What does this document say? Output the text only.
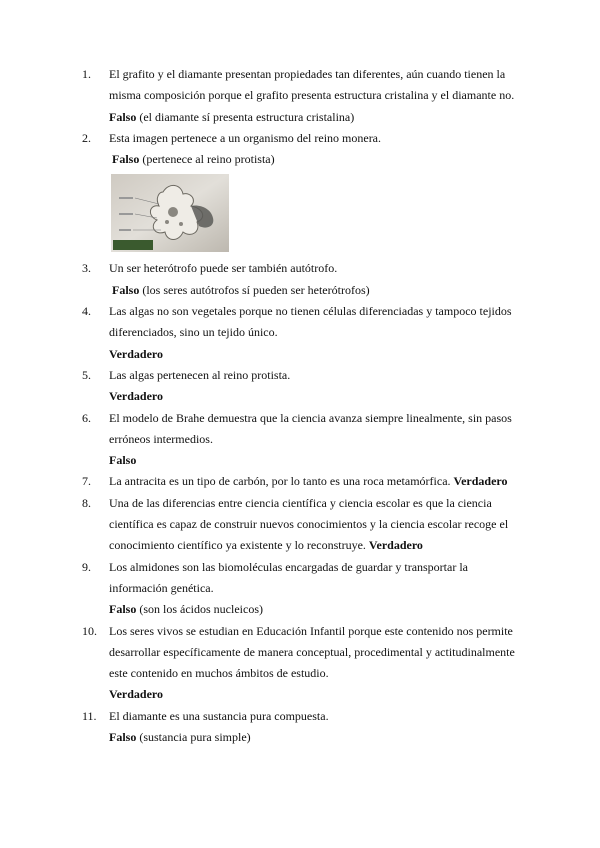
1.	El grafito y el diamante presentan propiedades tan diferentes, aún cuando tienen la misma composición porque el grafito presenta estructura cristalina y el diamante no.
Falso (el diamante sí presenta estructura cristalina)
2.	Esta imagen pertenece a un organismo del reino monera.
Falso (pertenece al reino protista)
3.	Un ser heterótrofo puede ser también autótrofo.
Falso (los seres autótrofos sí pueden ser heterótrofos)
4.	Las algas no son vegetales porque no tienen células diferenciadas y tampoco tejidos diferenciados, sino un tejido único.
Verdadero
5.	Las algas pertenecen al reino protista.
Verdadero
6.	El modelo de Brahe demuestra que la ciencia avanza siempre linealmente, sin pasos erróneos intermedios.
Falso
7.	La antracita es un tipo de carbón, por lo tanto es una roca metamórfica. Verdadero
8.	Una de las diferencias entre ciencia científica y ciencia escolar es que la ciencia científica es capaz de construir nuevos conocimientos y la ciencia escolar recoge el conocimiento científico ya existente y lo reconstruye. Verdadero
9.	Los almidones son las biomoléculas encargadas de guardar y transportar la información genética.
Falso (son los ácidos nucleicos)
10.	Los seres vivos se estudian en Educación Infantil porque este contenido nos permite desarrollar específicamente de manera conceptual, procedimental y actitudinalmente este contenido en muchos ámbitos de estudio.
Verdadero
11.	El diamante es una sustancia pura compuesta.
Falso (sustancia pura simple)
